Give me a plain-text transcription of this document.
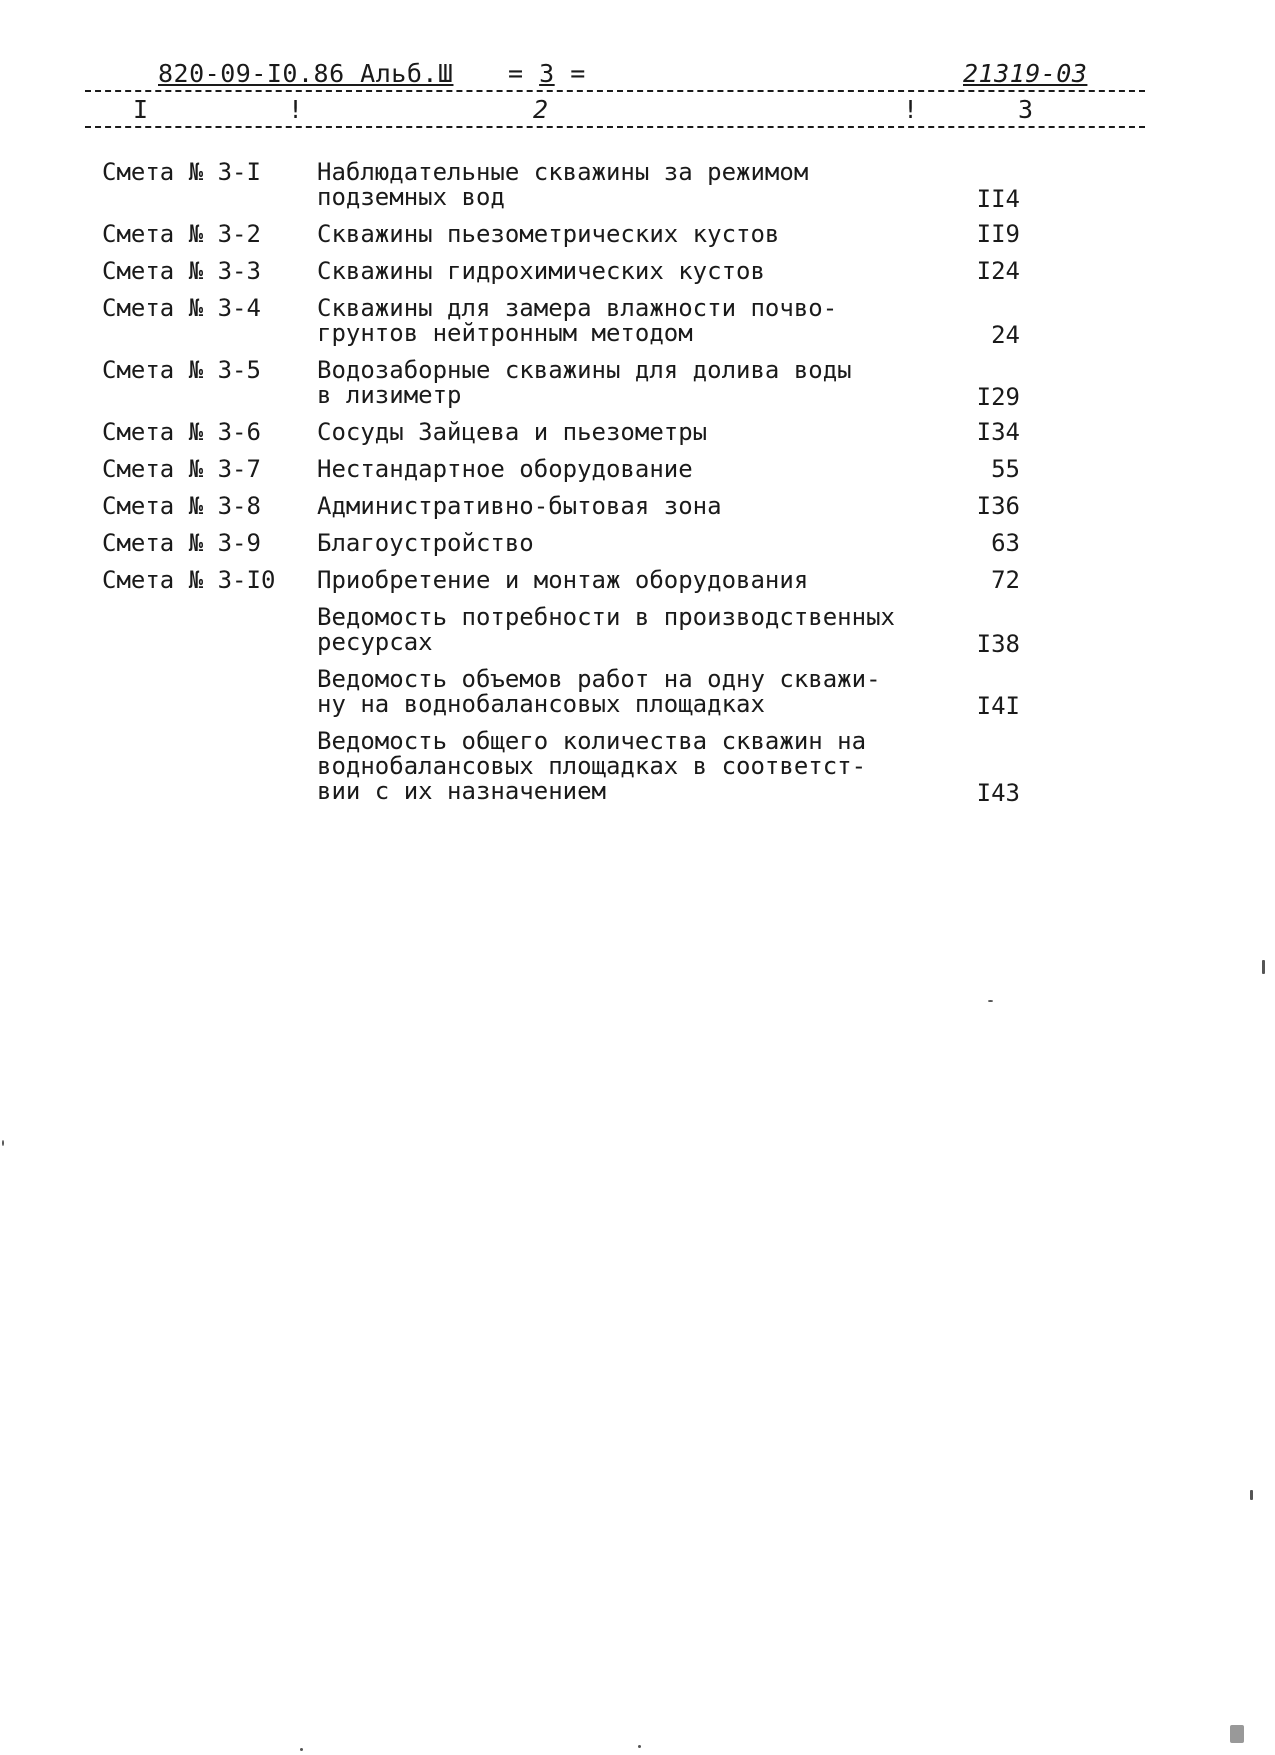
820-09-I0.86 Альб.Ш = 3 =	21319-03
I	!	2	!	3
Смета № 3-I Наблюдательные скважины за режимом
подземных вод	II4
Смета № 3-2 Скважины пьезометрических кустов	II9
Смета № 3-3 Скважины гидрохимических кустов	I24
Смета № 3-4 Скважины для замера влажности почво-
грунтов нейтронным методом	24
Смета № 3-5 Водозаборные скважины для долива воды
в лизиметр	I29
Смета № 3-6 Сосуды Зайцева и пьезометры	I34
Смета № 3-7 Нестандартное оборудование	55
Смета № 3-8 Административно-бытовая зона	I36
Смета № 3-9 Благоустройство	63
Смета № 3-I0 Приобретение и монтаж оборудования	72
Ведомость потребности в производственных
ресурсах	I38
Ведомость объемов работ на одну скважи-
ну на воднобалансовых площадках	I4I
Ведомость общего количества скважин на
воднобалансовых площадках в соответст-
вии с их назначением	I43
